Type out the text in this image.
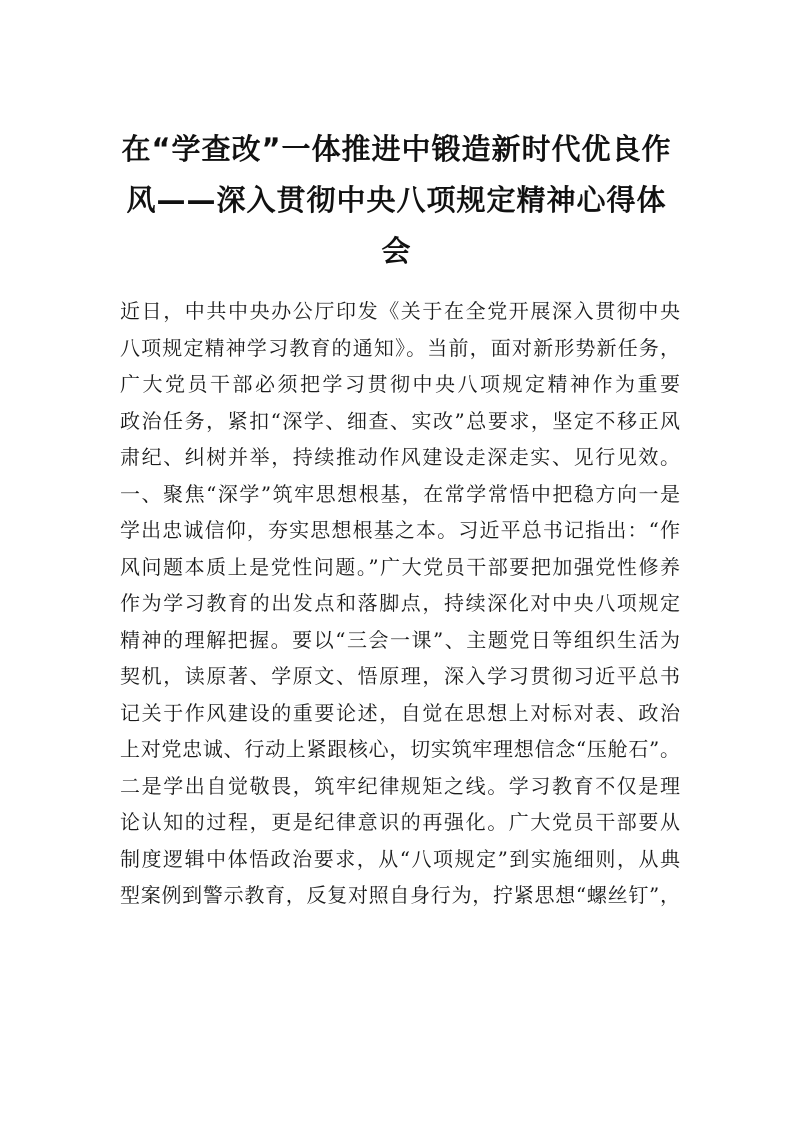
在“学查改”一体推进中锻造新时代优良作
风——深入贯彻中央八项规定精神心得体
会
近日，中共中央办公厅印发《关于在全党开展深入贯彻中央
八项规定精神学习教育的通知》。当前，面对新形势新任务，
广大党员干部必须把学习贯彻中央八项规定精神作为重要
政治任务，紧扣“深学、细查、实改”总要求，坚定不移正风
肃纪、纠树并举，持续推动作风建设走深走实、见行见效。
一、聚焦“深学”筑牢思想根基，在常学常悟中把稳方向一是
学出忠诚信仰，夯实思想根基之本。习近平总书记指出：“作
风问题本质上是党性问题。”广大党员干部要把加强党性修养
作为学习教育的出发点和落脚点，持续深化对中央八项规定
精神的理解把握。要以“三会一课”、主题党日等组织生活为
契机，读原著、学原文、悟原理，深入学习贯彻习近平总书
记关于作风建设的重要论述，自觉在思想上对标对表、政治
上对党忠诚、行动上紧跟核心，切实筑牢理想信念“压舱石”。
二是学出自觉敬畏，筑牢纪律规矩之线。学习教育不仅是理
论认知的过程，更是纪律意识的再强化。广大党员干部要从
制度逻辑中体悟政治要求，从“八项规定”到实施细则，从典
型案例到警示教育，反复对照自身行为，拧紧思想“螺丝钉”，
